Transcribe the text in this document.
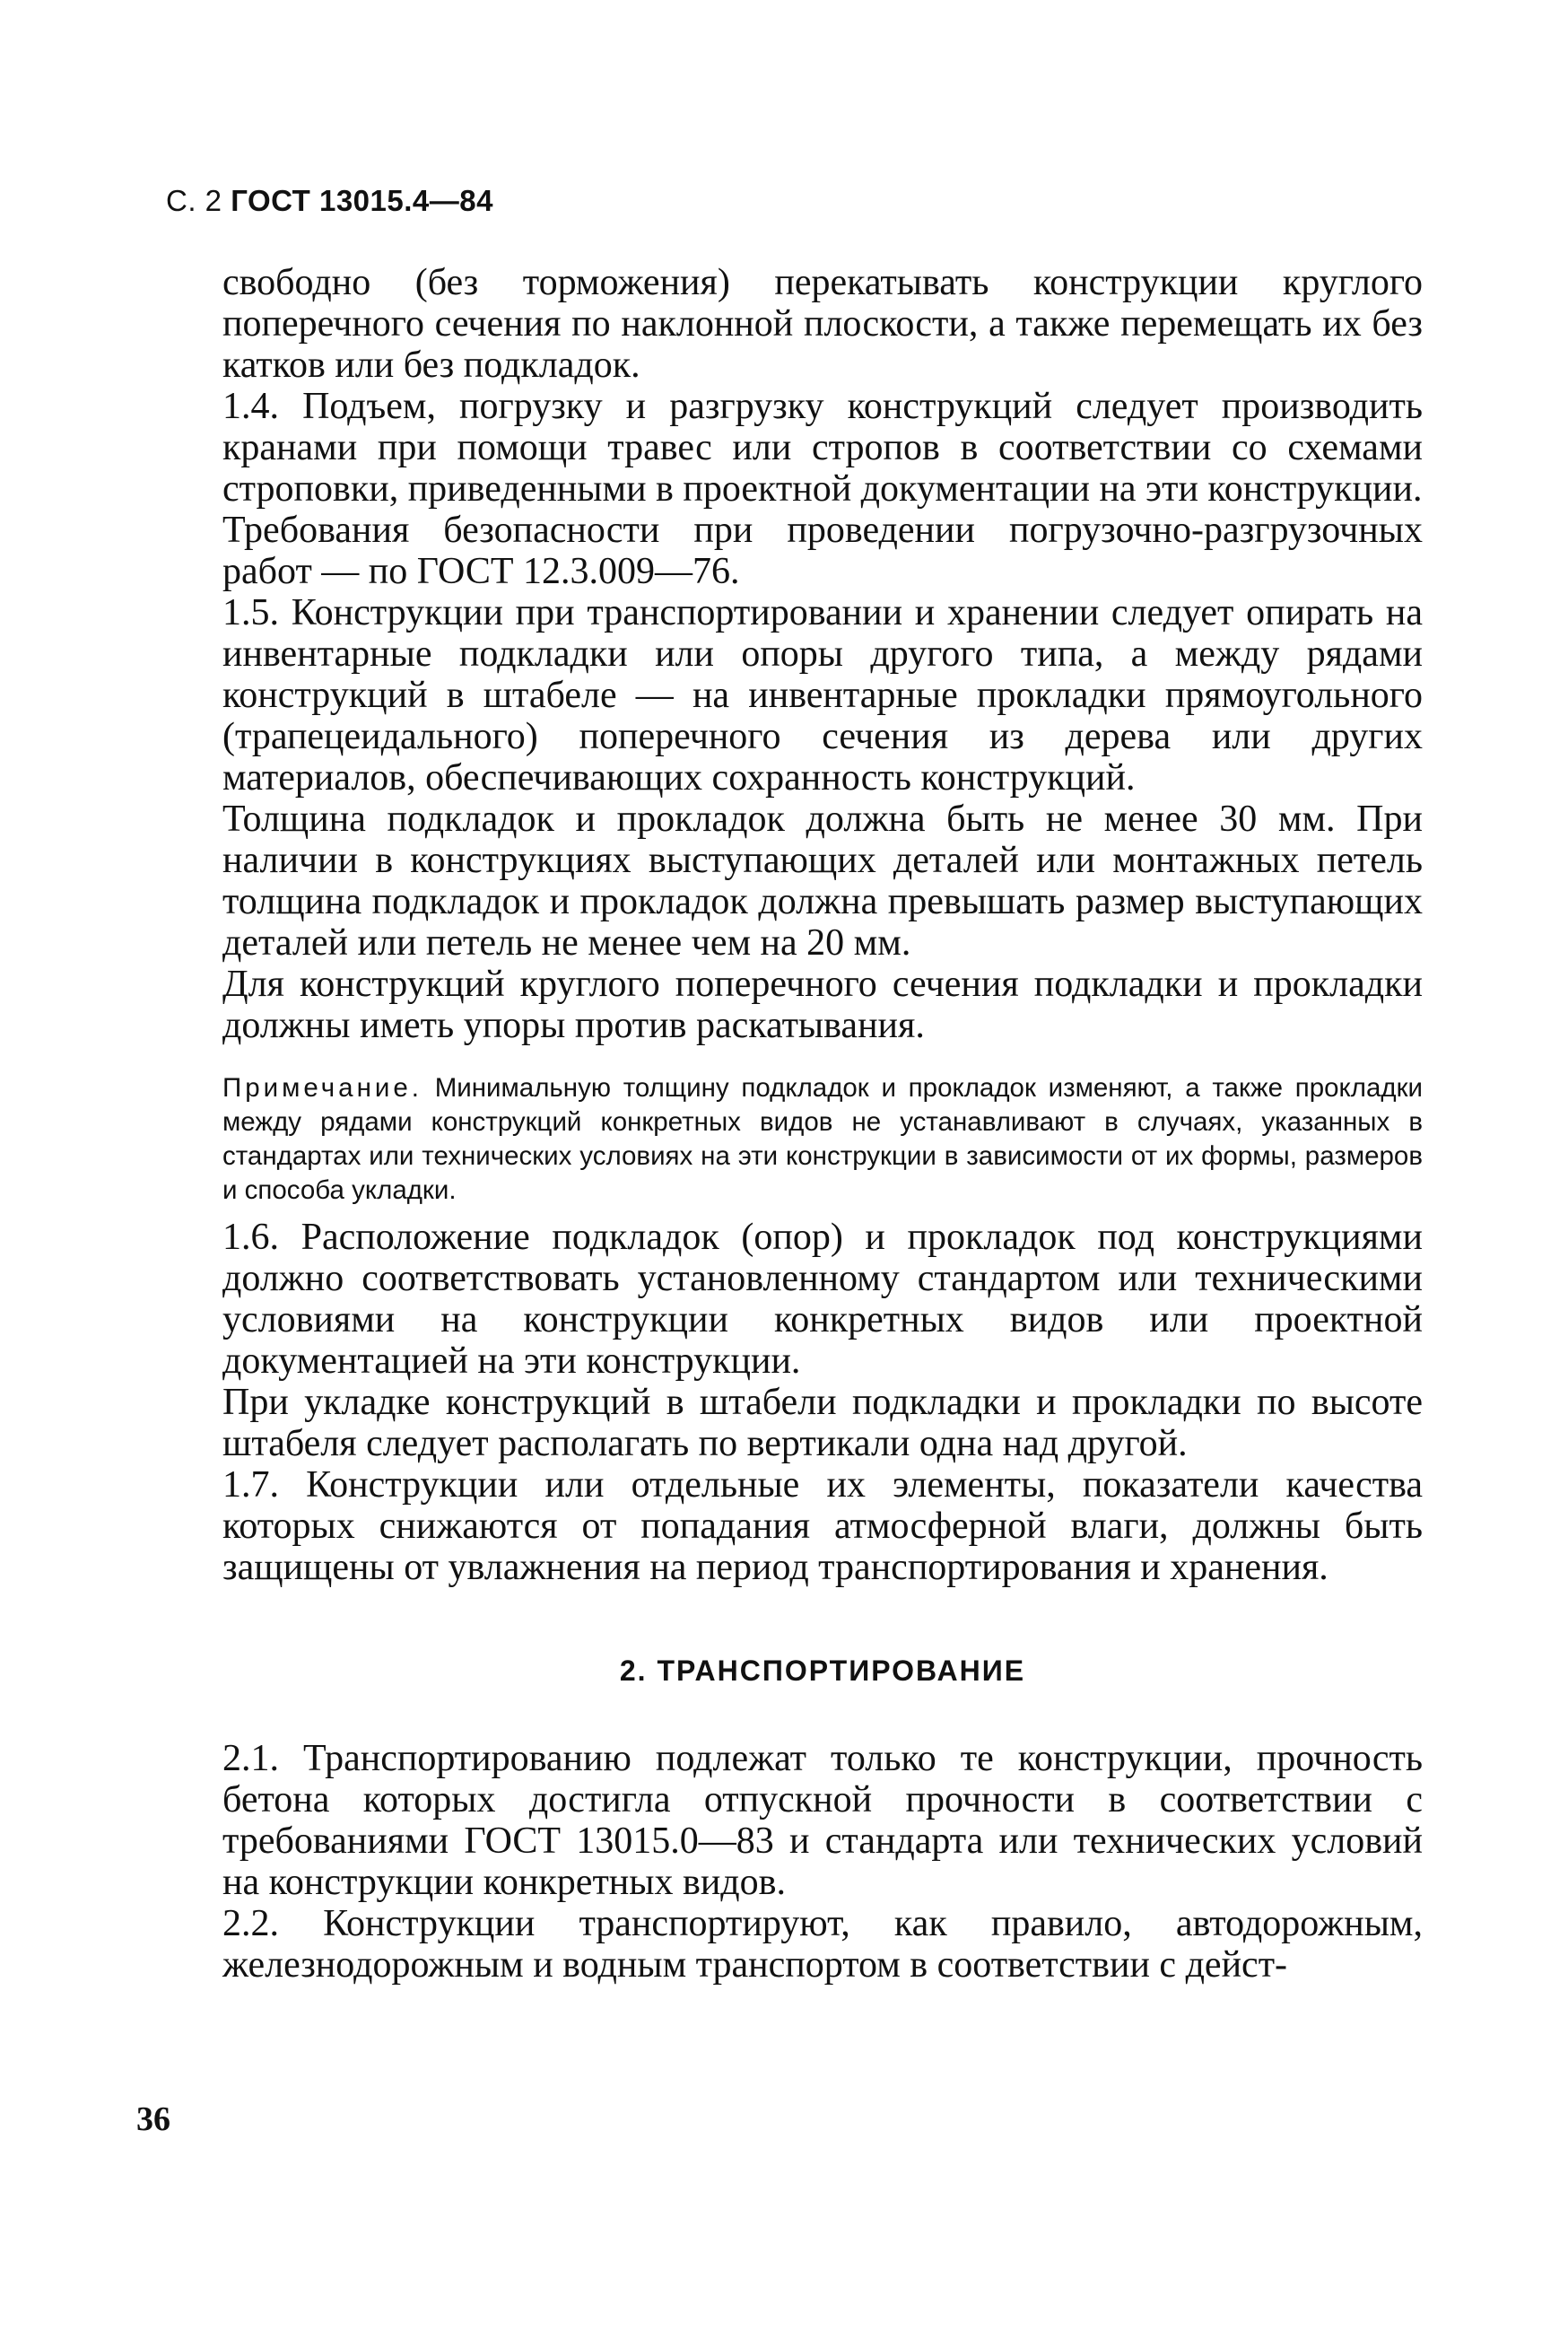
С. 2 ГОСТ 13015.4—84

свободно (без торможения) перекатывать конструкции круглого поперечного сечения по наклонной плоскости, а также перемещать их без катков или без подкладок.

1.4. Подъем, погрузку и разгрузку конструкций следует производить кранами при помощи травес или стропов в соответствии со схемами строповки, приведенными в проектной документации на эти конструкции.

Требования безопасности при проведении погрузочно-разгрузочных работ — по ГОСТ 12.3.009—76.

1.5. Конструкции при транспортировании и хранении следует опирать на инвентарные подкладки или опоры другого типа, а между рядами конструкций в штабеле — на инвентарные прокладки прямоугольного (трапецеидального) поперечного сечения из дерева или других материалов, обеспечивающих сохранность конструкций.

Толщина подкладок и прокладок должна быть не менее 30 мм. При наличии в конструкциях выступающих деталей или монтажных петель толщина подкладок и прокладок должна превышать размер выступающих деталей или петель не менее чем на 20 мм.

Для конструкций круглого поперечного сечения подкладки и прокладки должны иметь упоры против раскатывания.

Примечание. Минимальную толщину подкладок и прокладок изменяют, а также прокладки между рядами конструкций конкретных видов не устанавливают в случаях, указанных в стандартах или технических условиях на эти конструкции в зависимости от их формы, размеров и способа укладки.

1.6. Расположение подкладок (опор) и прокладок под конструкциями должно соответствовать установленному стандартом или техническими условиями на конструкции конкретных видов или проектной документацией на эти конструкции.

При укладке конструкций в штабели подкладки и прокладки по высоте штабеля следует располагать по вертикали одна над другой.

1.7. Конструкции или отдельные их элементы, показатели качества которых снижаются от попадания атмосферной влаги, должны быть защищены от увлажнения на период транспортирования и хранения.

2. ТРАНСПОРТИРОВАНИЕ

2.1. Транспортированию подлежат только те конструкции, прочность бетона которых достигла отпускной прочности в соответствии с требованиями ГОСТ 13015.0—83 и стандарта или технических условий на конструкции конкретных видов.

2.2. Конструкции транспортируют, как правило, автодорожным, железнодорожным и водным транспортом в соответствии с дейст-

36
